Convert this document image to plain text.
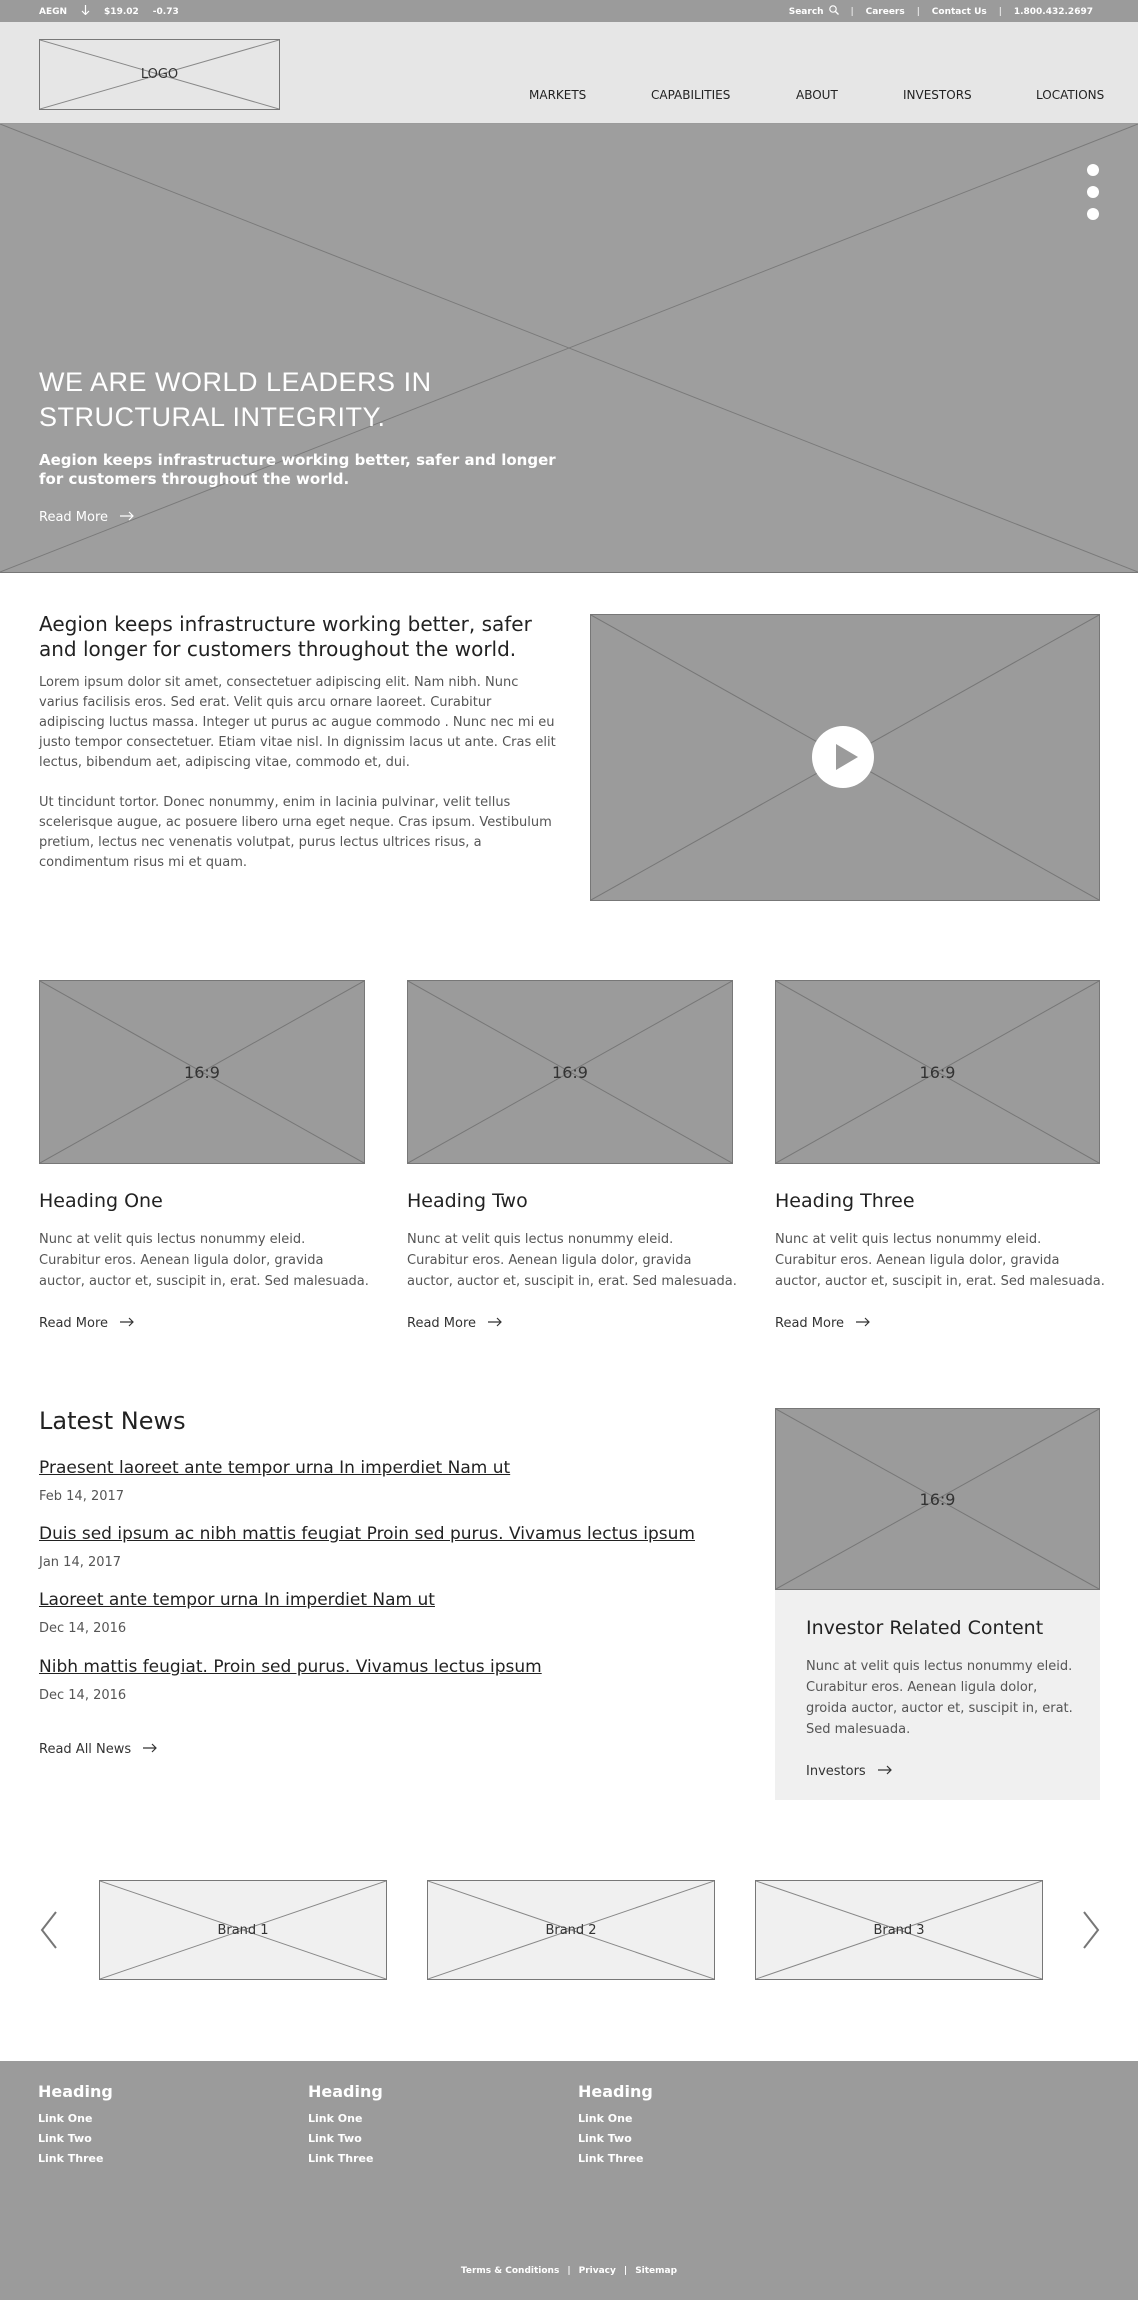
AEGN	$19.02 -0.73	Search	| Careers | Contact Us | 1.800.432.2697
LOGO
MARKETS	CAPABILITIES	ABOUT	INVESTORS	LOCATIONS
WE ARE WORLD LEADERS IN STRUCTURAL INTEGRITY.
Aegion keeps infrastructure working better, safer and longer for customers throughout the world.
Read More
Aegion keeps infrastructure working better, safer and longer for customers throughout the world.
Lorem ipsum dolor sit amet, consectetuer adipiscing elit. Nam nibh. Nunc varius facilisis eros. Sed erat. Velit quis arcu ornare laoreet. Curabitur adipiscing luctus massa. Integer ut purus ac augue commodo . Nunc nec mi eu justo tempor consectetuer. Etiam vitae nisl. In dignissim lacus ut ante. Cras elit lectus, bibendum aet, adipiscing vitae, commodo et, dui.
Ut tincidunt tortor. Donec nonummy, enim in lacinia pulvinar, velit tellus scelerisque augue, ac posuere libero urna eget neque. Cras ipsum. Vestibulum pretium, lectus nec venenatis volutpat, purus lectus ultrices risus, a condimentum risus mi et quam.
16:9
Heading One
Nunc at velit quis lectus nonummy eleid. Curabitur eros. Aenean ligula dolor, gravida auctor, auctor et, suscipit in, erat. Sed malesuada.
Read More
16:9
Heading Two
Nunc at velit quis lectus nonummy eleid. Curabitur eros. Aenean ligula dolor, gravida auctor, auctor et, suscipit in, erat. Sed malesuada.
Read More
16:9
Heading Three
Nunc at velit quis lectus nonummy eleid. Curabitur eros. Aenean ligula dolor, gravida auctor, auctor et, suscipit in, erat. Sed malesuada.
Read More
Latest News
Praesent laoreet ante tempor urna In imperdiet Nam ut
Feb 14, 2017
Duis sed ipsum ac nibh mattis feugiat Proin sed purus. Vivamus lectus ipsum
Jan 14, 2017
Laoreet ante tempor urna In imperdiet Nam ut
Dec 14, 2016
Nibh mattis feugiat. Proin sed purus. Vivamus lectus ipsum
Dec 14, 2016
Read All News
16:9
Investor Related Content
Nunc at velit quis lectus nonummy eleid. Curabitur eros. Aenean ligula dolor, groida auctor, auctor et, suscipit in, erat. Sed malesuada.
Investors
Brand 1	Brand 2	Brand 3
Heading
Link One
Link Two
Link Three
Heading
Link One
Link Two
Link Three
Heading
Link One
Link Two
Link Three
Terms & Conditions | Privacy | Sitemap
